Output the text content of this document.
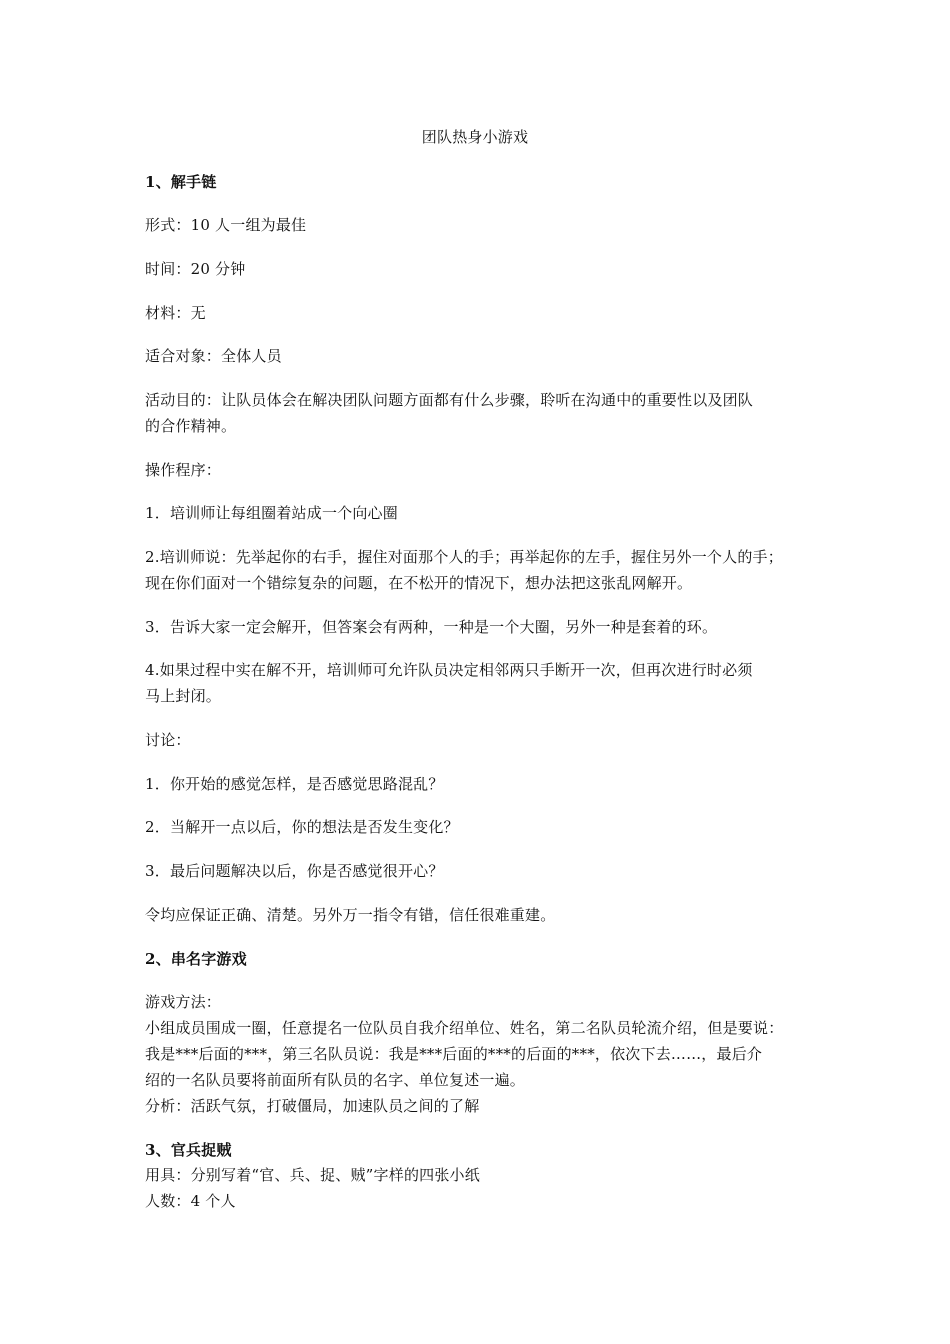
团队热身小游戏
1、解手链
形式：10 人一组为最佳
时间：20 分钟
材料：无
适合对象：全体人员
活动目的：让队员体会在解决团队问题方面都有什么步骤，聆听在沟通中的重要性以及团队
的合作精神。
操作程序：
1．培训师让每组圈着站成一个向心圈
2.培训师说：先举起你的右手，握住对面那个人的手；再举起你的左手，握住另外一个人的手；
现在你们面对一个错综复杂的问题，在不松开的情况下，想办法把这张乱网解开。
3．告诉大家一定会解开，但答案会有两种，一种是一个大圈，另外一种是套着的环。
4.如果过程中实在解不开，培训师可允许队员决定相邻两只手断开一次，但再次进行时必须
马上封闭。
讨论：
1．你开始的感觉怎样，是否感觉思路混乱？
2．当解开一点以后，你的想法是否发生变化？
3．最后问题解决以后，你是否感觉很开心？
令均应保证正确、清楚。另外万一指令有错，信任很难重建。
2、串名字游戏
游戏方法：
小组成员围成一圈，任意提名一位队员自我介绍单位、姓名，第二名队员轮流介绍，但是要说：
我是***后面的***，第三名队员说：我是***后面的***的后面的***，依次下去……，最后介
绍的一名队员要将前面所有队员的名字、单位复述一遍。
分析：活跃气氛，打破僵局，加速队员之间的了解
3、官兵捉贼
用具：分别写着“官、兵、捉、贼”字样的四张小纸
人数：4 个人
